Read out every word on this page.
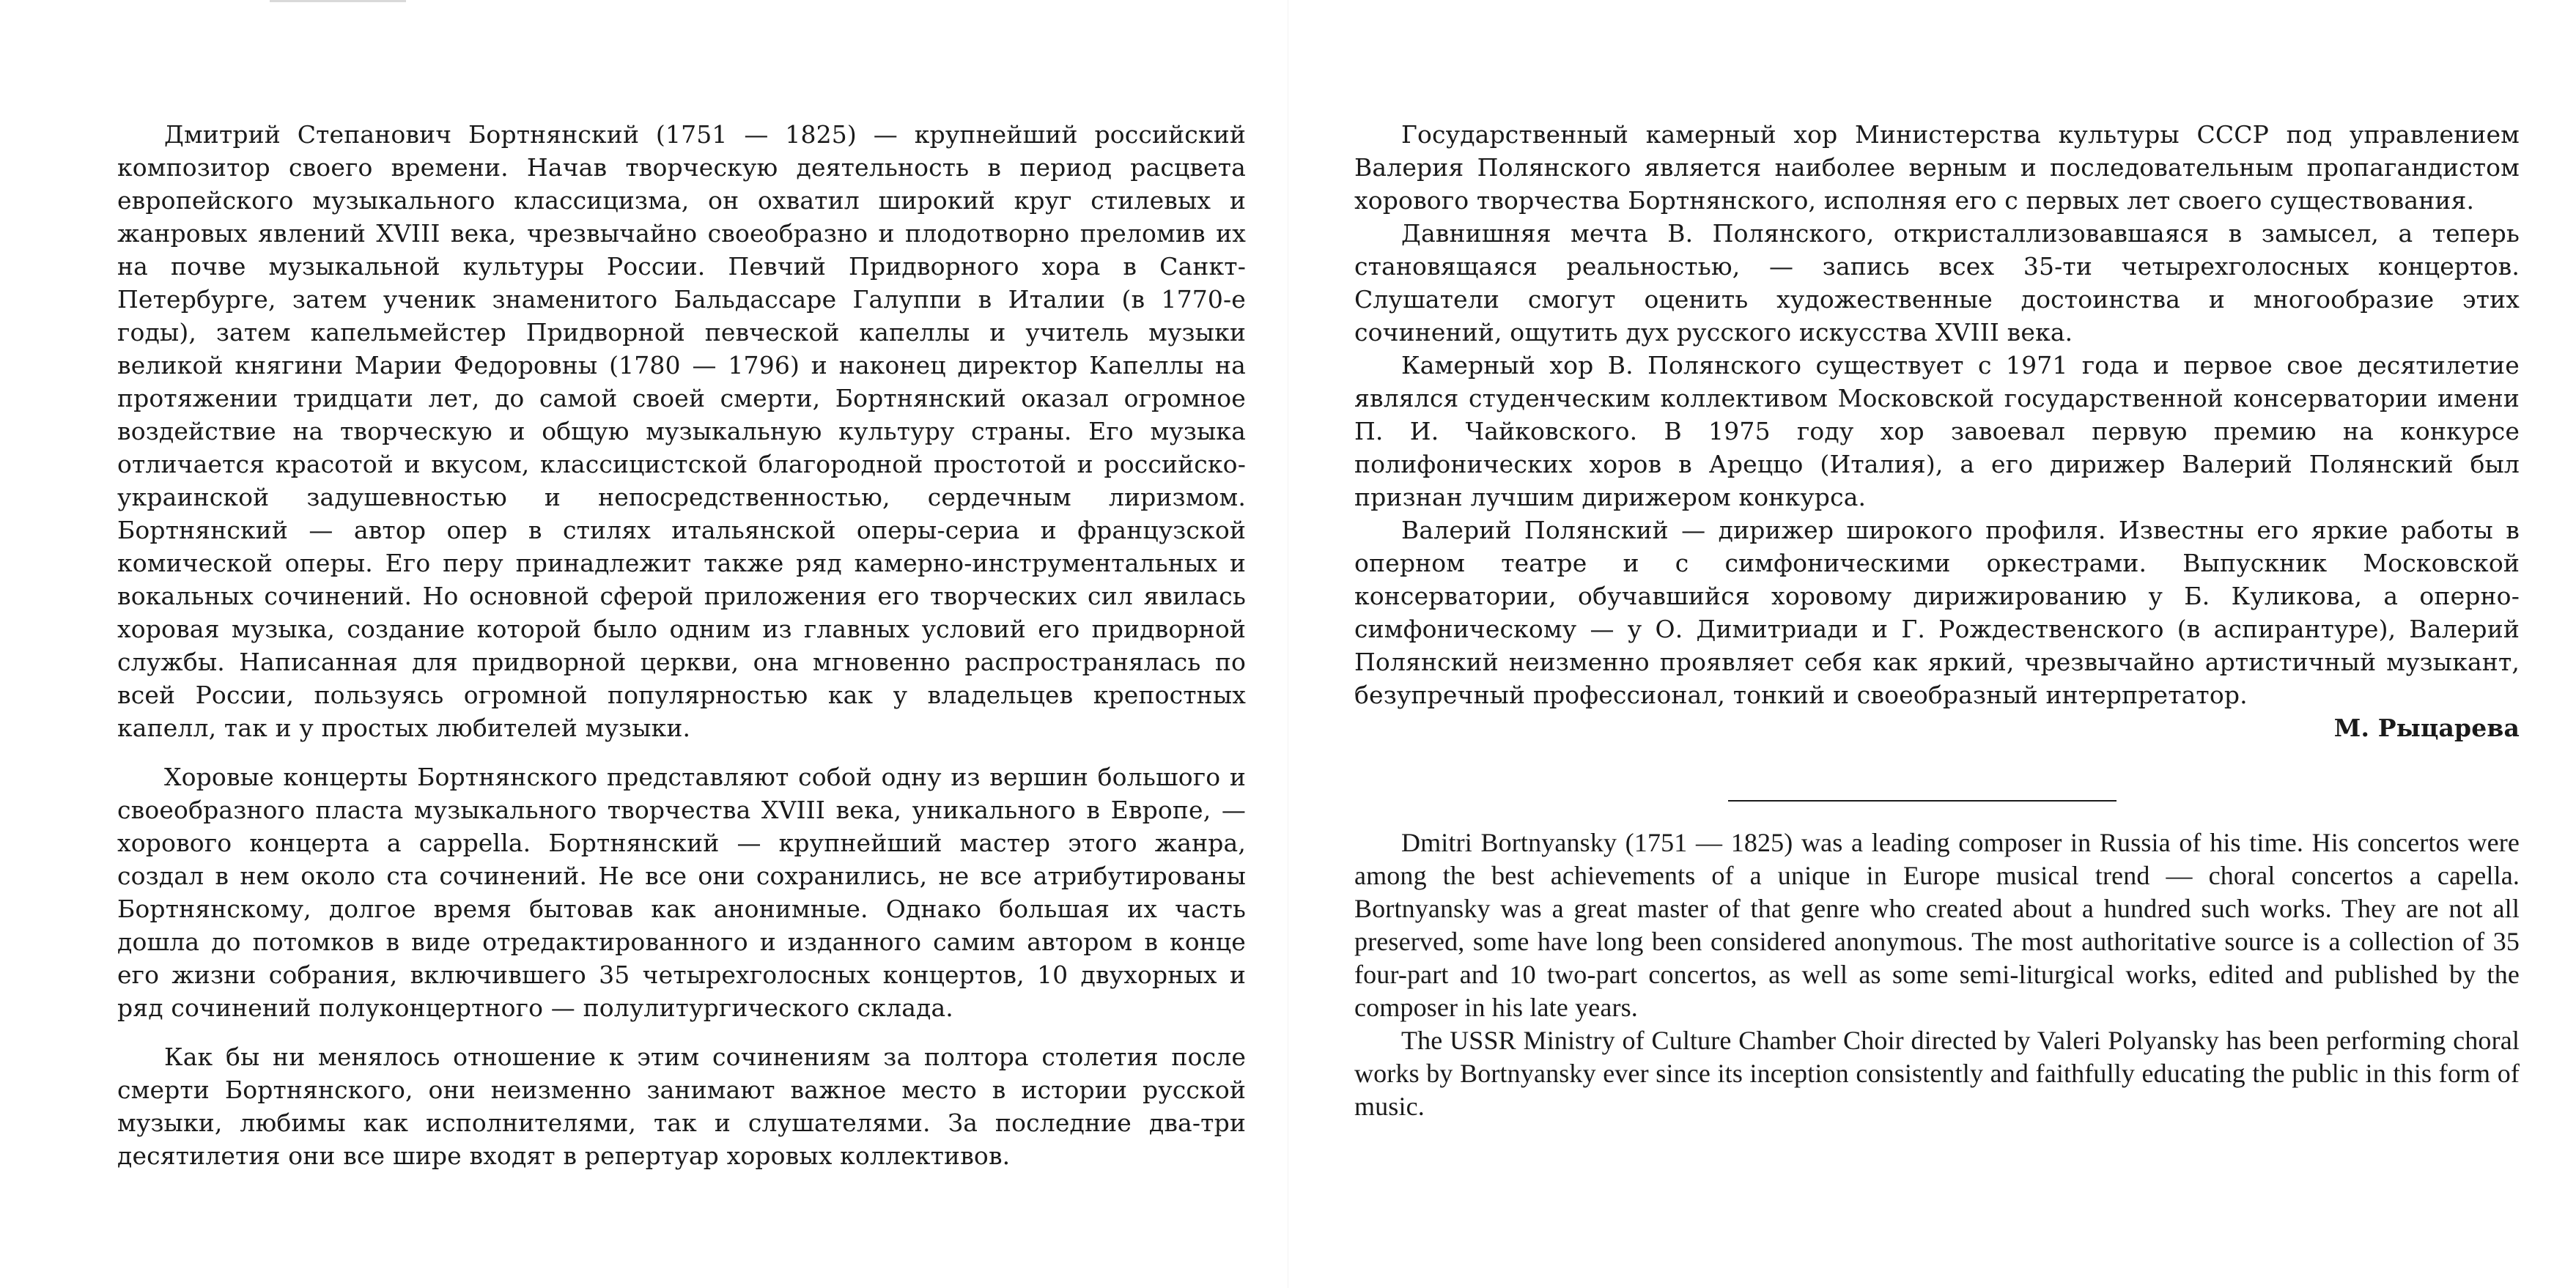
Дмитрий Степанович Бортнянский (1751 — 1825) — крупнейший российский композитор своего времени. Начав творческую деятельность в период расцвета европейского музыкального классицизма, он охватил широкий круг стилевых и жанровых явлений XVIII века, чрезвычайно своеобразно и плодотворно преломив их на почве музыкальной культуры России. Певчий Придворного хора в Санкт-Петербурге, затем ученик знаменитого Бальдассаре Галуппи в Италии (в 1770-е годы), затем капельмейстер Придворной певческой капеллы и учитель музыки великой княгини Марии Федоровны (1780 — 1796) и наконец директор Капеллы на протяжении тридцати лет, до самой своей смерти, Бортнянский оказал огромное воздействие на творческую и общую музыкальную культуру страны. Его музыка отличается красотой и вкусом, классицистской благородной простотой и российско-украинской задушевностью и непосредственностью, сердечным лиризмом. Бортнянский — автор опер в стилях итальянской оперы-сериа и французской комической оперы. Его перу принадлежит также ряд камерно-инструментальных и вокальных сочинений. Но основной сферой приложения его творческих сил явилась хоровая музыка, создание которой было одним из главных условий его придворной службы. Написанная для придворной церкви, она мгновенно распространялась по всей России, пользуясь огромной популярностью как у владельцев крепостных капелл, так и у простых любителей музыки.

Хоровые концерты Бортнянского представляют собой одну из вершин большого и своеобразного пласта музыкального творчества XVIII века, уникального в Европе, — хорового концерта а cappella. Бортнянский — крупнейший мастер этого жанра, создал в нем около ста сочинений. Не все они сохранились, не все атрибутированы Бортнянскому, долгое время бытовав как анонимные. Однако большая их часть дошла до потомков в виде отредактированного и изданного самим автором в конце его жизни собрания, включившего 35 четырехголосных концертов, 10 двухорных и ряд сочинений полуконцертного — полулитургического склада.

Как бы ни менялось отношение к этим сочинениям за полтора столетия после смерти Бортнянского, они неизменно занимают важное место в истории русской музыки, любимы как исполнителями, так и слушателями. За последние два-три десятилетия они все шире входят в репертуар хоровых коллективов.

Государственный камерный хор Министерства культуры СССР под управлением Валерия Полянского является наиболее верным и последовательным пропагандистом хорового творчества Бортнянского, исполняя его с первых лет своего существования.

Давнишняя мечта В. Полянского, откристаллизовавшаяся в замысел, а теперь становящаяся реальностью, — запись всех 35-ти четырехголосных концертов. Слушатели смогут оценить художественные достоинства и многообразие этих сочинений, ощутить дух русского искусства XVIII века.

Камерный хор В. Полянского существует с 1971 года и первое свое десятилетие являлся студенческим коллективом Московской государственной консерватории имени П. И. Чайковского. В 1975 году хор завоевал первую премию на конкурсе полифонических хоров в Ареццо (Италия), а его дирижер Валерий Полянский был признан лучшим дирижером конкурса.

Валерий Полянский — дирижер широкого профиля. Известны его яркие работы в оперном театре и с симфоническими оркестрами. Выпускник Московской консерватории, обучавшийся хоровому дирижированию у Б. Куликова, а оперно-симфоническому — у О. Димитриади и Г. Рождественского (в аспирантуре), Валерий Полянский неизменно проявляет себя как яркий, чрезвычайно артистичный музыкант, безупречный профессионал, тонкий и своеобразный интерпретатор.

М. Рыцарева

Dmitri Bortnyansky (1751 — 1825) was a leading composer in Russia of his time. His concertos were among the best achievements of a unique in Europe musical trend — choral concertos a capella. Bortnyansky was a great master of that genre who created about a hundred such works. They are not all preserved, some have long been considered anonymous. The most authoritative source is a collection of 35 four-part and 10 two-part concertos, as well as some semi-liturgical works, edited and published by the composer in his late years.

The USSR Ministry of Culture Chamber Choir directed by Valeri Polyansky has been performing choral works by Bortnyansky ever since its inception consistently and faithfully educating the public in this form of music.
